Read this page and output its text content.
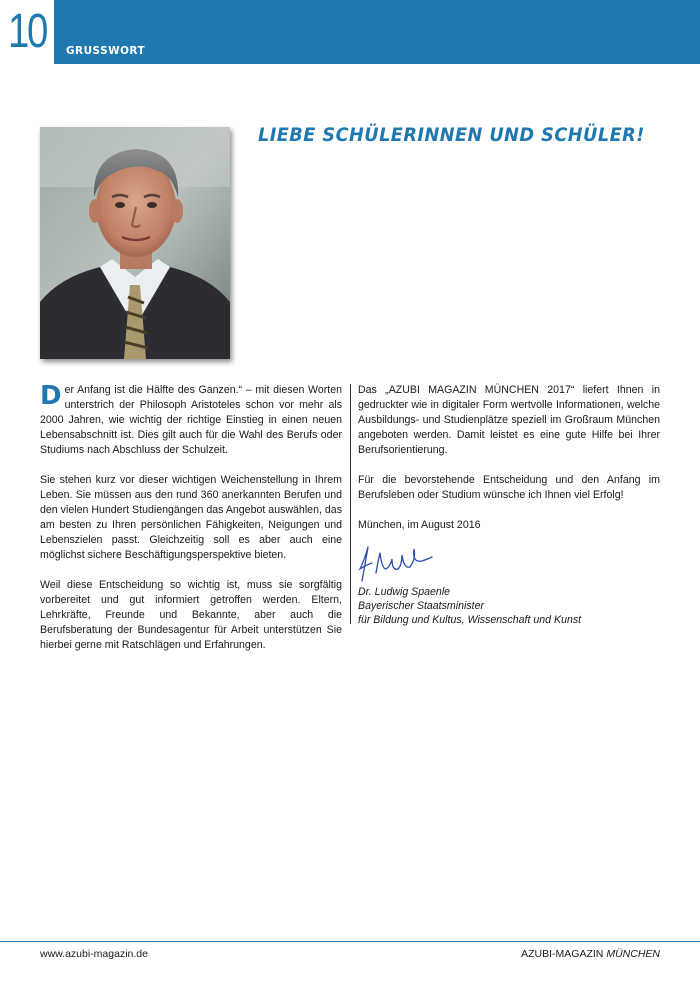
10 GRUSSWORT
LIEBE SCHÜLERINNEN UND SCHÜLER!

Der Anfang ist die Hälfte des Ganzen.“ – mit diesen Worten unterstrich der Philosoph Aristoteles schon vor mehr als 2000 Jahren, wie wichtig der richtige Einstieg in einen neuen Lebensabschnitt ist. Dies gilt auch für die Wahl des Berufs oder Studiums nach Abschluss der Schulzeit.

Sie stehen kurz vor dieser wichtigen Weichenstellung in Ihrem Leben. Sie müssen aus den rund 360 anerkannten Berufen und den vielen Hundert Studiengängen das Angebot auswählen, das am besten zu Ihren persönlichen Fähigkeiten, Neigungen und Lebenszielen passt. Gleichzeitig soll es aber auch eine möglichst sichere Beschäftigungsperspektive bieten.

Weil diese Entscheidung so wichtig ist, muss sie sorgfältig vorbereitet und gut informiert getroffen werden. Eltern, Lehrkräfte, Freunde und Bekannte, aber auch die Berufsberatung der Bundesagentur für Arbeit unterstützen Sie hierbei gerne mit Ratschlägen und Erfahrungen.

Das „AZUBI MAGAZIN MÜNCHEN 2017“ liefert Ihnen in gedruckter wie in digitaler Form wertvolle Informationen, welche Ausbildungs- und Studienplätze speziell im Großraum München angeboten werden. Damit leistet es eine gute Hilfe bei Ihrer Berufsorientierung.

Für die bevorstehende Entscheidung und den Anfang im Berufsleben oder Studium wünsche ich Ihnen viel Erfolg!

München, im August 2016

Dr. Ludwig Spaenle
Bayerischer Staatsminister
für Bildung und Kultus, Wissenschaft und Kunst
www.azubi-magazin.de	AZUBI-MAGAZIN MÜNCHEN
